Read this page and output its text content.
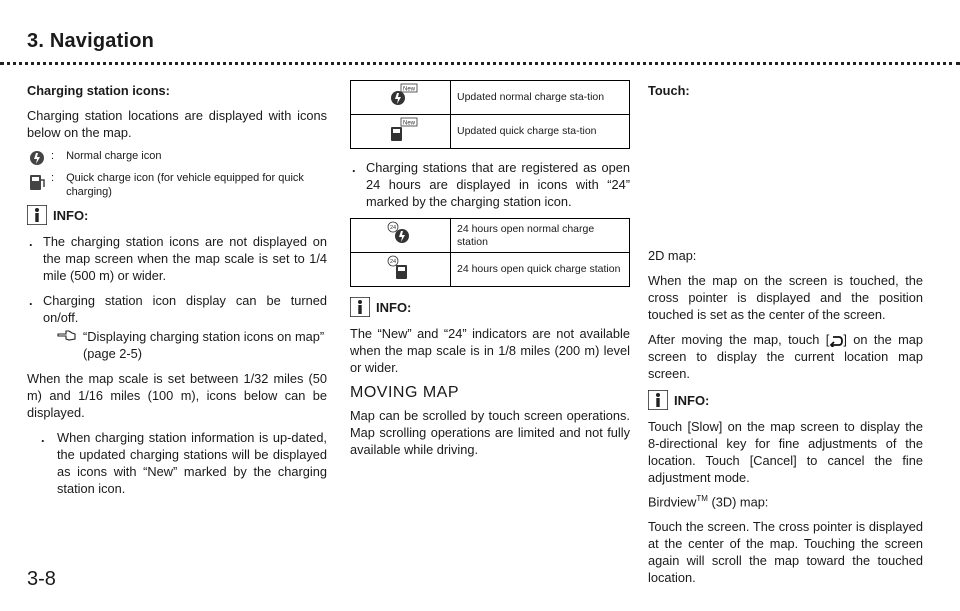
3. Navigation

Charging station icons:

Charging station locations are displayed with icons below on the map.

: Normal charge icon
: Quick charge icon (for vehicle equipped for quick charging)
INFO:
. The charging station icons are not displayed on the map screen when the map scale is set to 1/4 mile (500 m) or wider.
. Charging station icon display can be turned on/off.
“Displaying charging station icons on map” (page 2-5)

When the map scale is set between 1/32 miles (50 m) and 1/16 miles (100 m), icons below can be displayed.

. When charging station information is up-dated, the updated charging stations will be displayed as icons with “New” marked by the charging station icon.
New	Updated normal charge sta-tion

New	Updated quick charge sta-tion
. Charging stations that are registered as open 24 hours are displayed in icons with “24” marked by the charging station icon.
24	24 hours open normal charge station

24	24 hours open quick charge station
INFO:

The “New” and “24” indicators are not available when the map scale is in 1/8 miles (200 m) level or wider.

MOVING MAP

Map can be scrolled by touch screen operations. Map scrolling operations are limited and not fully available while driving.

Touch:

2D map:

When the map on the screen is touched, the cross pointer is displayed and the position touched is set as the center of the screen.

After moving the map, touch [ ] on the map screen to display the current location map screen.

INFO:

Touch [Slow] on the map screen to display the 8-directional key for fine adjustments of the location. Touch [Cancel] to cancel the fine adjustment mode.

Birdview™ (3D) map:

Touch the screen. The cross pointer is displayed at the center of the map. Touching the screen again will scroll the map toward the touched location.

3-8
